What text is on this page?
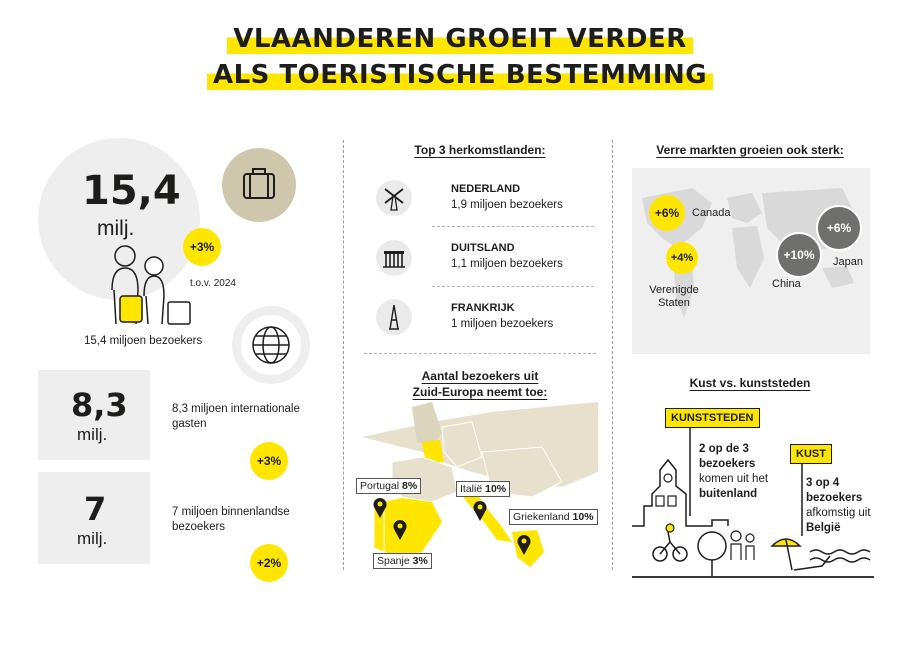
VLAANDEREN GROEIT VERDER
ALS TOERISTISCHE BESTEMMING
15,4
milj.
+3%
t.o.v. 2024
15,4 miljoen bezoekers
8,3
milj.
8,3 miljoen internationale gasten
+3%
7
milj.
7 miljoen binnenlandse bezoekers
+2%
Top 3 herkomstlanden:
NEDERLAND
1,9 miljoen bezoekers
DUITSLAND
1,1 miljoen bezoekers
FRANKRIJK
1 miljoen bezoekers
Aantal bezoekers uit
Zuid-Europa neemt toe:
Portugal 8%	Italië 10%
Griekenland 10%
Spanje 3%
Verre markten groeien ook sterk:
+6%	Canada
+4%
Verenigde Staten
+10%
China
+6%
Japan
Kust vs. kunststeden
KUNSTSTEDEN
2 op de 3 bezoekers komen uit het buitenland
KUST
3 op 4 bezoekers afkomstig uit België
